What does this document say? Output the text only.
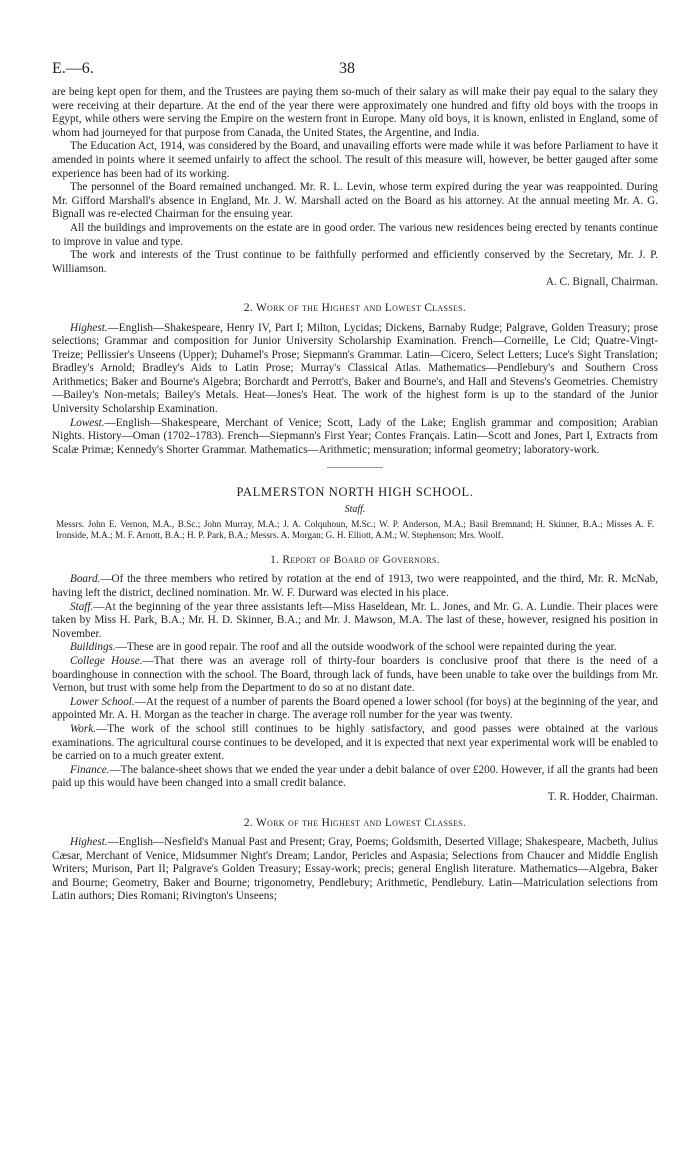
E.—6.	38

are being kept open for them, and the Trustees are paying them so-much of their salary as will make their pay equal to the salary they were receiving at their departure. At the end of the year there were approximately one hundred and fifty old boys with the troops in Egypt, while others were serving the Empire on the western front in Europe. Many old boys, it is known, enlisted in England, some of whom had journeyed for that purpose from Canada, the United States, the Argentine, and India.

The Education Act, 1914, was considered by the Board, and unavailing efforts were made while it was before Parliament to have it amended in points where it seemed unfairly to affect the school. The result of this measure will, however, be better gauged after some experience has been had of its working.

The personnel of the Board remained unchanged. Mr. R. L. Levin, whose term expired during the year was reappointed. During Mr. Gifford Marshall's absence in England, Mr. J. W. Marshall acted on the Board as his attorney. At the annual meeting Mr. A. G. Bignall was re-elected Chairman for the ensuing year.

All the buildings and improvements on the estate are in good order. The various new residences being erected by tenants continue to improve in value and type.

The work and interests of the Trust continue to be faithfully performed and efficiently conserved by the Secretary, Mr. J. P. Williamson.

A. C. Bignall, Chairman.

2. Work of the Highest and Lowest Classes.

Highest.—English—Shakespeare, Henry IV, Part I; Milton, Lycidas; Dickens, Barnaby Rudge; Palgrave, Golden Treasury; prose selections; Grammar and composition for Junior University Scholarship Examination. French—Corneille, Le Cid; Quatre-Vingt-Treize; Pellissier's Unseens (Upper); Duhamel's Prose; Siepmann's Grammar. Latin—Cicero, Select Letters; Luce's Sight Translation; Bradley's Arnold; Bradley's Aids to Latin Prose; Murray's Classical Atlas. Mathematics—Pendlebury's and Southern Cross Arithmetics; Baker and Bourne's Algebra; Borchardt and Perrott's, Baker and Bourne's, and Hall and Stevens's Geometries. Chemistry—Bailey's Non-metals; Bailey's Metals. Heat—Jones's Heat. The work of the highest form is up to the standard of the Junior University Scholarship Examination.

Lowest.—English—Shakespeare, Merchant of Venice; Scott, Lady of the Lake; English grammar and composition; Arabian Nights. History—Oman (1702–1783). French—Siepmann's First Year; Contes Français. Latin—Scott and Jones, Part I, Extracts from Scalæ Primæ; Kennedy's Shorter Grammar. Mathematics—Arithmetic; mensuration; informal geometry; laboratory-work.

PALMERSTON NORTH HIGH SCHOOL.
Staff.

Messrs. John E. Vernon, M.A., B.Sc.; John Murray, M.A.; J. A. Colquhoun, M.Sc.; W. P. Anderson, M.A.; Basil Bremnand; H. Skinner, B.A.; Misses A. F. Ironside, M.A.; M. F. Arnott, B.A.; H. P. Park, B.A.; Messrs. A. Morgan; G. H. Elliott, A.M.; W. Stephenson; Mrs. Woolf.

1. Report of Board of Governors.

Board.—Of the three members who retired by rotation at the end of 1913, two were reappointed, and the third, Mr. R. McNab, having left the district, declined nomination. Mr. W. F. Durward was elected in his place.

Staff.—At the beginning of the year three assistants left—Miss Haseldean, Mr. L. Jones, and Mr. G. A. Lundie. Their places were taken by Miss H. Park, B.A.; Mr. H. D. Skinner, B.A.; and Mr. J. Mawson, M.A. The last of these, however, resigned his position in November.

Buildings.—These are in good repair. The roof and all the outside woodwork of the school were repainted during the year.

College House.—That there was an average roll of thirty-four boarders is conclusive proof that there is the need of a boardinghouse in connection with the school. The Board, through lack of funds, have been unable to take over the buildings from Mr. Vernon, but trust with some help from the Department to do so at no distant date.

Lower School.—At the request of a number of parents the Board opened a lower school (for boys) at the beginning of the year, and appointed Mr. A. H. Morgan as the teacher in charge. The average roll number for the year was twenty.

Work.—The work of the school still continues to be highly satisfactory, and good passes were obtained at the various examinations. The agricultural course continues to be developed, and it is expected that next year experimental work will be enabled to be carried on to a much greater extent.

Finance.—The balance-sheet shows that we ended the year under a debit balance of over £200. However, if all the grants had been paid up this would have been changed into a small credit balance.

T. R. Hodder, Chairman.

2. Work of the Highest and Lowest Classes.

Highest.—English—Nesfield's Manual Past and Present; Gray, Poems; Goldsmith, Deserted Village; Shakespeare, Macbeth, Julius Cæsar, Merchant of Venice, Midsummer Night's Dream; Landor, Pericles and Aspasia; Selections from Chaucer and Middle English Writers; Murison, Part II; Palgrave's Golden Treasury; Essay-work; precis; general English literature. Mathematics—Algebra, Baker and Bourne; Geometry, Baker and Bourne; trigonometry, Pendlebury; Arithmetic, Pendlebury. Latin—Matriculation selections from Latin authors; Dies Romani; Rivington's Unseens;
